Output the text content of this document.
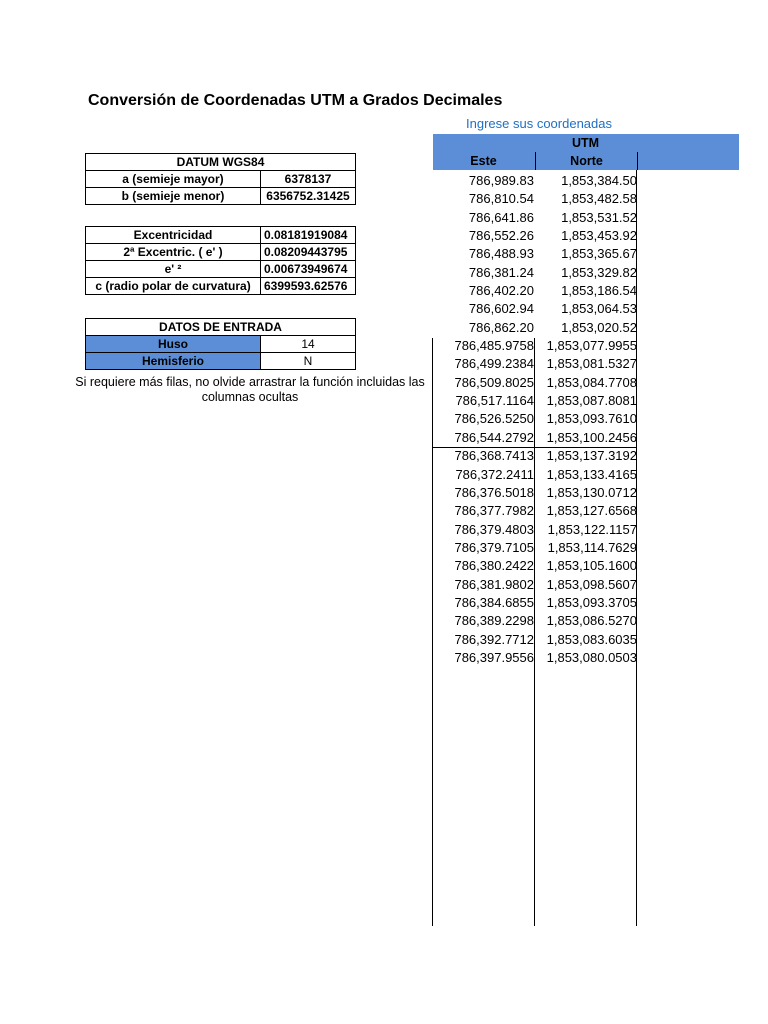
Conversión de Coordenadas UTM a Grados Decimales
Ingrese sus coordenadas
DATUM WGS84	
a (semieje mayor)	6378137
b (semieje menor)	6356752.31425
Excentricidad	0.08181919084
2ª Excentric. ( e' )	0.08209443795
e' ²	0.00673949674
c (radio polar de curvatura)	6399593.62576
DATOS DE ENTRADA	
Huso	14
Hemisferio	N
Si requiere más filas, no olvide arrastrar la función incluidas las columnas ocultas
UTM
Este	Norte
786,989.83	1,853,384.50
786,810.54	1,853,482.58
786,641.86	1,853,531.52
786,552.26	1,853,453.92
786,488.93	1,853,365.67
786,381.24	1,853,329.82
786,402.20	1,853,186.54
786,602.94	1,853,064.53
786,862.20	1,853,020.52
786,485.9758 1,853,077.9955
786,499.2384 1,853,081.5327
786,509.8025 1,853,084.7708
786,517.1164 1,853,087.8081
786,526.5250 1,853,093.7610
786,544.2792 1,853,100.2456
786,368.7413 1,853,137.3192
786,372.2411 1,853,133.4165
786,376.5018 1,853,130.0712
786,377.7982 1,853,127.6568
786,379.4803	1,853,122.1157
786,379.7105	1,853,114.7629
786,380.2422 1,853,105.1600
786,381.9802 1,853,098.5607
786,384.6855 1,853,093.3705
786,389.2298 1,853,086.5270
786,392.7712 1,853,083.6035
786,397.9556 1,853,080.0503
